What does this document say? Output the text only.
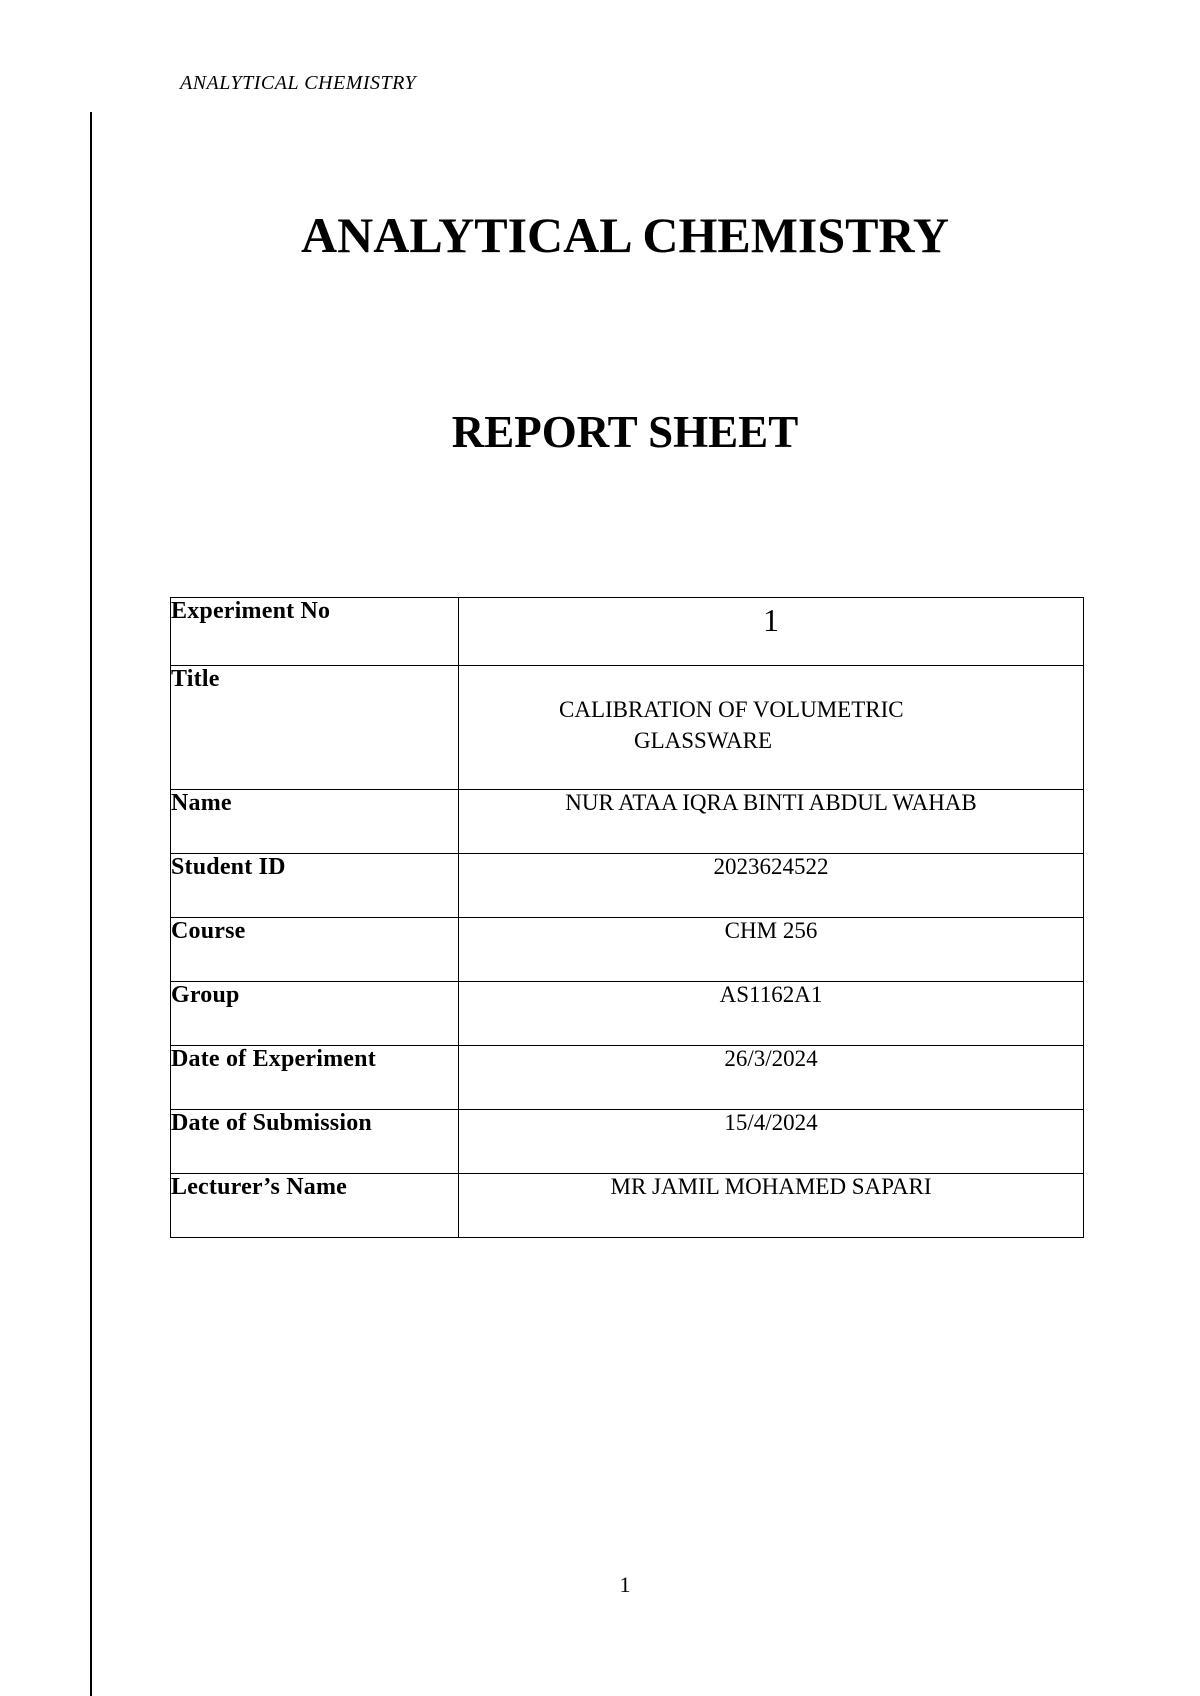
ANALYTICAL CHEMISTRY
ANALYTICAL CHEMISTRY
REPORT SHEET
Experiment No	1
Title	CALIBRATION OF VOLUMETRIC
GLASSWARE

Name	NUR ATAA IQRA BINTI ABDUL WAHAB
Student ID	2023624522
Course	CHM 256
Group	AS1162A1
Date of Experiment	26/3/2024
Date of Submission	15/4/2024
Lecturer’s Name	MR JAMIL MOHAMED SAPARI
1
